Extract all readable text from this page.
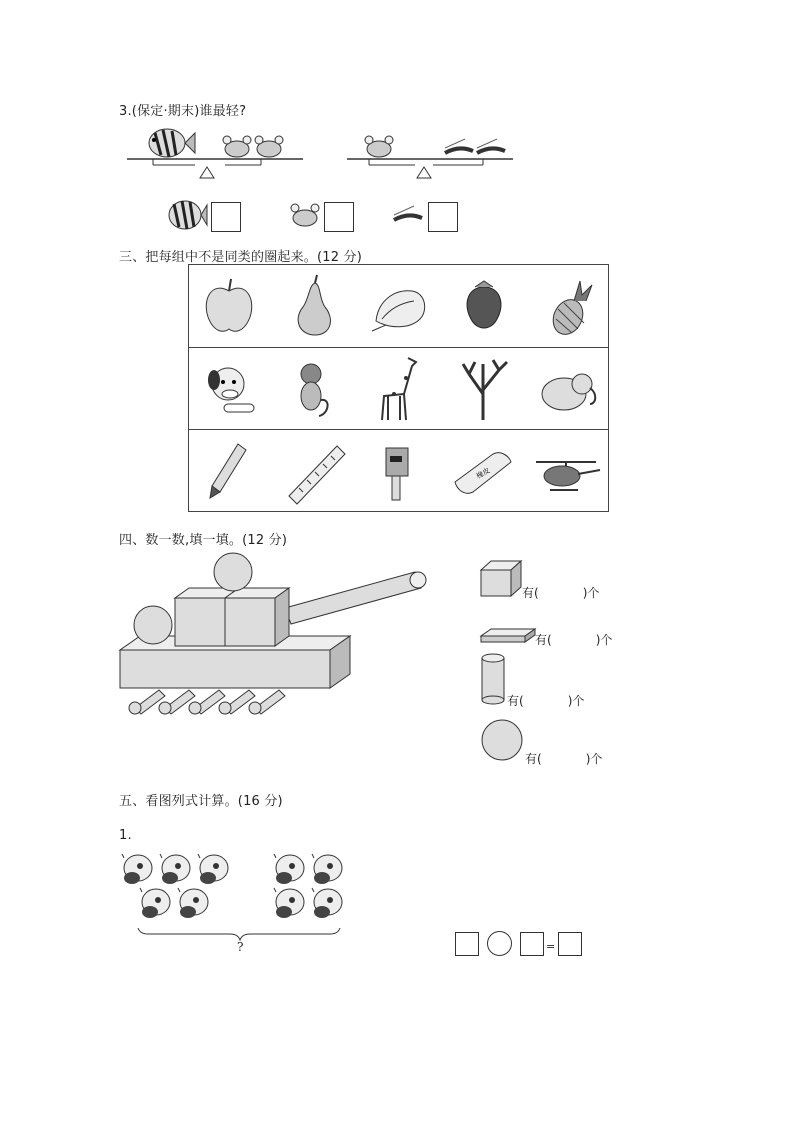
3.(保定·期末)谁最轻?
三、把每组中不是同类的圈起来。(12 分)
橡皮
四、数一数,填一填。(12 分)
有(
	)个
有(	)个
有(	)个
有(	)个
五、看图列式计算。(16 分)
1.
?	=
